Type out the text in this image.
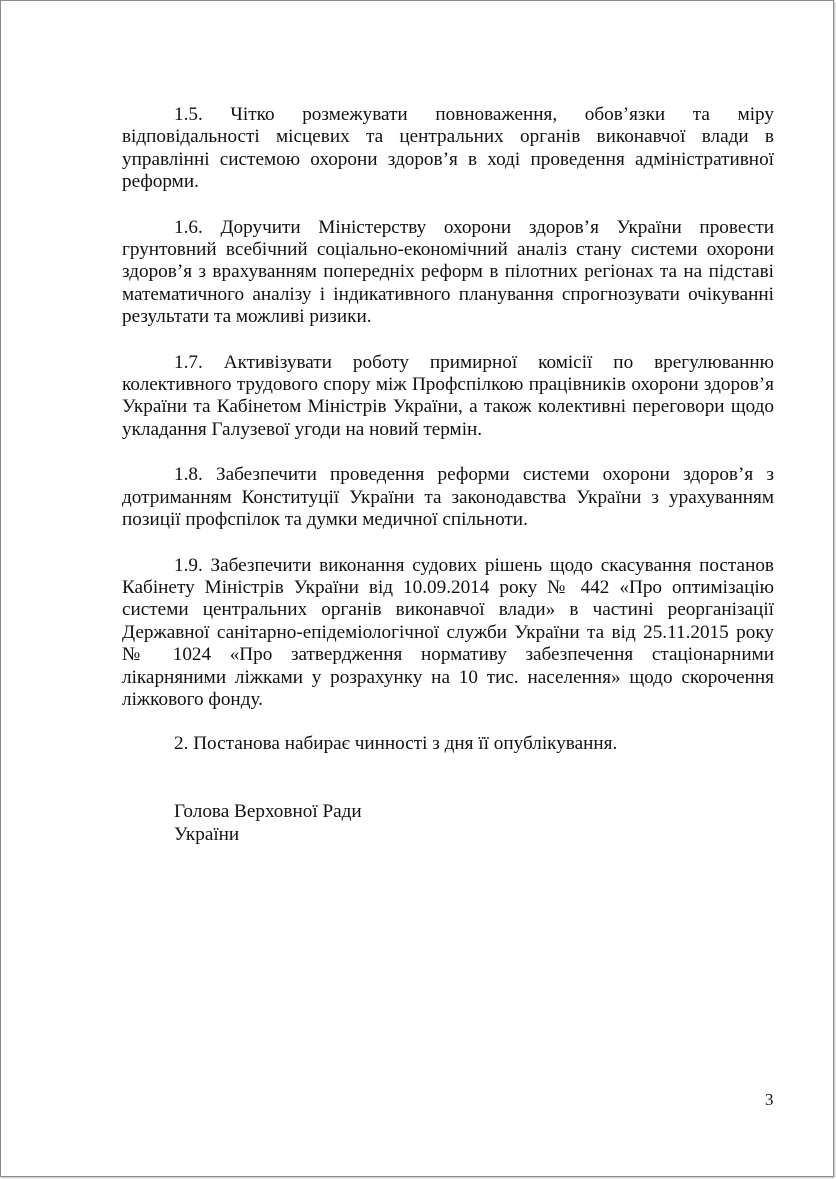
1.5. Чітко розмежувати повноваження, обов’язки та міру відповідальності місцевих та центральних органів виконавчої влади в управлінні системою охорони здоров’я в ході проведення адміністративної реформи.

1.6. Доручити Міністерству охорони здоров’я України провести грунтовний всебічний соціально-економічний аналіз стану системи охорони здоров’я з врахуванням попередніх реформ в пілотних регіонах та на підставі математичного аналізу і індикативного планування спрогнозувати очікуванні результати та можливі ризики.

1.7. Активізувати роботу примирної комісії по врегулюванню колективного трудового спору між Профспілкою працівників охорони здоров’я України та Кабінетом Міністрів України, а також колективні переговори щодо укладання Галузевої угоди на новий термін.

1.8. Забезпечити проведення реформи системи охорони здоров’я з дотриманням Конституції України та законодавства України з урахуванням позиції профспілок та думки медичної спільноти.

1.9. Забезпечити виконання судових рішень щодо скасування постанов Кабінету Міністрів України від 10.09.2014 року № 442 «Про оптимізацію системи центральних органів виконавчої влади» в частині реорганізації Державної санітарно-епідеміологічної служби України та від 25.11.2015 року № 1024 «Про затвердження нормативу забезпечення стаціонарними лікарняними ліжками у розрахунку на 10 тис. населення» щодо скорочення ліжкового фонду.

2. Постанова набирає чинності з дня її опублікування.

Голова Верховної Ради
України
3
